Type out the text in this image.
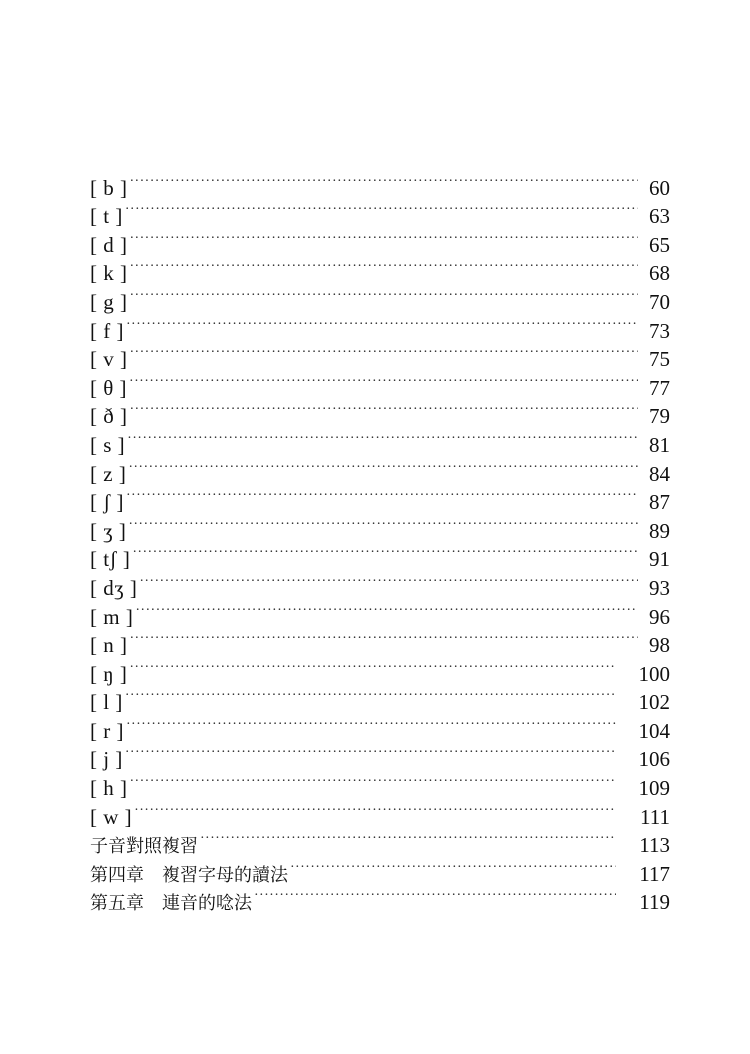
[ b ] ·····	60
[ t ] ·····	63
[ d ] ·····	65
[ k ] ·····	68
[ g ] ·····	70
[ f ] ·····	73
[ v ] ·····	75
[ θ ] ·····	77
[ ð ] ·····	79
[ s ] ·····	81
[ z ] ·····	84
[ ʃ ] ·····	87
[ ʒ ] ·····	89
[ tʃ ] ·····	91
[ dʒ ] ·····	93
[ m ] ·····	96
[ n ] ·····	98
[ ŋ ] ·····	100
[ l ] ·····	102
[ r ] ·····	104
[ j ] ·····	106
[ h ] ·····	109
[ w ] ·····	111
子音對照複習 ·····	113
第四章　複習字母的讀法 ·····	117
第五章　連音的唸法 ·····	119
